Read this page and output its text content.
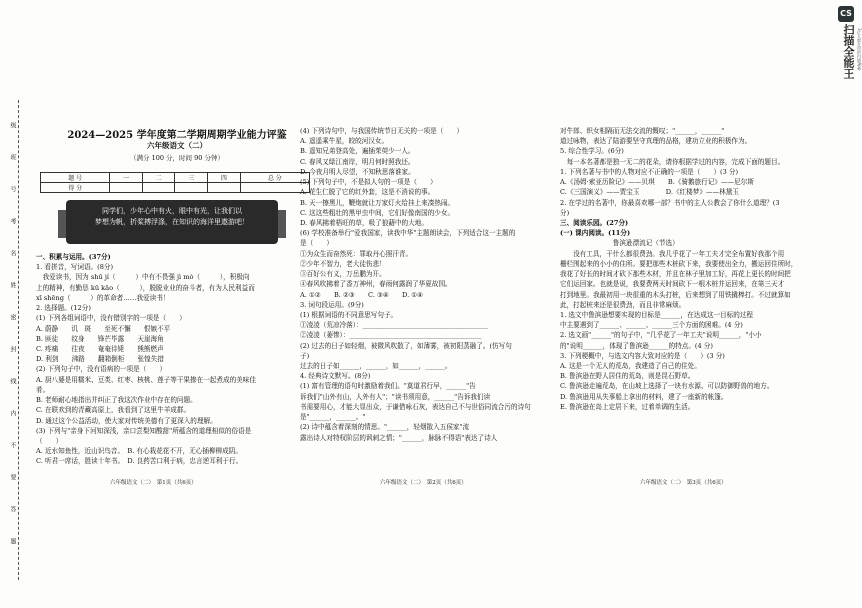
CS
扫描全能王 3亿人都在用的扫描App
级
班
号
考
名
姓
密
封
线
内
不
要
答
题
2024—2025 学年度第二学期周期学业能力评鉴
六年级语文（二）
（满分 100 分，时间 90 分钟）
题 号	一	二	三	四	总 分
得 分					
同学们，少年心中有火，眼中有光，让我们以
梦想为帆，折桨搏浮涤，在知识的海洋里遨游吧！

一、积累与运用。(37分)

1. 看拼音，写词语。(8分)

　我爱读书，因为 shū jí（　　　）中有不畏强 jì mò（　　　），积极向

上的精神，有勤恳 kū kāo（　　　），脱脱业业的奋斗者，有为人民利益而

xī shēng（　　　）的革命者……我爱读书！

2. 选择题。(12分)

(1) 下列各组词语中，没有错别字的一项是（　　）

A. 蔚静　　讥　斑　　至死不懈　　恨嫉不平

B. 匪徒　　纹身　　锋芒毕露　　天崖海角

C. 疼痛　　往夜　　奄奄待毙　　熊熊燃声

D. 利剑　　沸路　　翻箱倒柜　　张惶失措

(2) 下列句子中，没有语病的一项是（　　）

A. 厨八婆是用糯米、豆类、红枣、核桃、莲子等干果掺在一起煮成的美味佳

肴。

B. 老师耐心地指出并纠正了我这次作业中存在的问题。

C. 在联欢到的青藏高原上，我看到了这里牛羊成群。

D. 通过这个公益活动，使大家对传统美德有了更深入的理解。

(3) 下列与"亲身下河知深浅，亲口尝梨知酸甜"所蕴含的道理相似的俗语是

（　　）

A. 近水知鱼性，近山识鸟音。　B. 有心栽花花不开，无心插柳柳成阴。

C. 听君一席话，胜读十年书。　D. 良药苦口利于病，忠言逆耳利于行。

(4) 下列诗句中，与我国传统节日无关的一项是（　　）

A. 遥遥乘牛星，皎皎河汉女。

B. 遥知兄弟登高处，遍插茱萸少一人。

C. 春风又绿江南岸，明月何时照我还。

D. 今夜月明人尽望，不知秋思落谁家。

(5) 下列句子中，不是拟人句的一项是（　　）

A. 花生仁脱了它的红外套，这是不消说的事。

B. 天一擦黑儿，鞭炮就让万家灯火给挂上来凑热闹。

C. 这这些粗壮的黑甲虫中间，它们好像南国的少女。

D. 春风拂着梧旺的草，吸了狼藉中的大地。

(6) 学校准备举行"爱我国家，读我中华"主题朗读会，下列适合这一主题的

是（　　）

①为众生而奋然死：罪取丹心照汗青。

②少年不智力，老大徒伤悲！

③百好公有义，万岳鹏为开。

④春风吹拂着了香万神州，春雨何露润了华夏故园。

A. ①②　　B. ②③　　C. ③④　　D. ①④

3. 词句段运用。(9分)

(1) 根据词语的不同意思写句子。

①凌凌（荒凉冷落）：______________________________________

②凌凌（萎惨）：________________________________________

(2) 过去的日子如轻烟，被微风吹散了，如薄雾，被初阳蒸融了。(仿写句

子)

过去的日子如______，______，如______，______。

4. 经典诗文默写。(8分)

(1) 富有管理的语句时激励着我们。"莫道君行早，______"告

诉我们"山外有山，人外有人"；"读书须用意，______"告诉我们读

书需要用心，才能大显出众，于谦借咏石灰，表达自己不与世俗同流合污的诗句

是"______，______。"

(2) 诗中蕴含着深刻的情思。"______，轻烟散入五侯家"流

露出诗人对特权阶层的讽刺之情；"______，脉脉不得语"表达了诗人

对牛郎、织女相隔而无法交流的慨叹；"______，______"

道过咏物，表达了陆游要坚守真理的品格，建功立业的积极作为。

5. 综合性学习。(6分)

　每一本名著都是独一无二的花朵，请你根据学过的内容，完成下面的题目。

1. 下列名著与书中的人物对应不正确的一项是（　　）(3 分)

A.《汤姆·索亚历险记》——贝琪　　B.《骑鹅旅行记》——尼尔斯

C.《三国演义》——贾宝玉　　　　D.《红楼梦》——林黛玉

2. 在学过的名著中，你最喜欢哪一部？书中的主人公教会了你什么道理？(3

分)

三、阅读乐园。(27分)

(一) 课内阅读。(11分)

　　　　　　　　鲁滨逊漂流记（节选）

　　没有工具，干什么都很费劲。我几乎花了一年工夫才完全布置好我那个用

栅栏围起来的小小的住所。要把那些木桩砍下来，我要使出全力，搬运回住所时，

我花了好长的时间才砍下那些木材，并且在林子里加工好，再花上更长的时间把

它们运回家。也就是说，我要费两天时间砍下一根木桩并运回来，在第三天才

打到地里。我最初用一块很重的木头打桩，后来想到了用铁撬棒打。不过就算如

此，打起桩来还是很费劲，而且非常麻烦。

1. 选文中鲁滨逊想要实现的目标是______，在达成这一目标的过程

中主要遇到了______、______、______三个方面的困难。(4 分)

2. 选文画"______"的句子中，"几乎花了一年工夫"说明______，"小小

的"说明______，体现了鲁滨逊______的特点。(4 分)

3. 下列梗概中，与选文内容大致对应的是（　　）(3 分)

A. 这是一个无人的荒岛，我建造了自己的住处。

B. 鲁滨逊在野人居住的荒岛，则是昆石野草。

C. 鲁滨逊走遍荒岛，在山坡上选择了一块有水源、可以防御野兽的地方。

D. 鲁滨逊用从失事船上拿出的材料，建了一座新的帐篷。

E. 鲁滨逊在岛上定居下来，过着单调的生活。

六年级语文（二）　第1页（共6页）	六年级语文（二）　第2页（共6页）	六年级语文（二）　第3页（共6页）
